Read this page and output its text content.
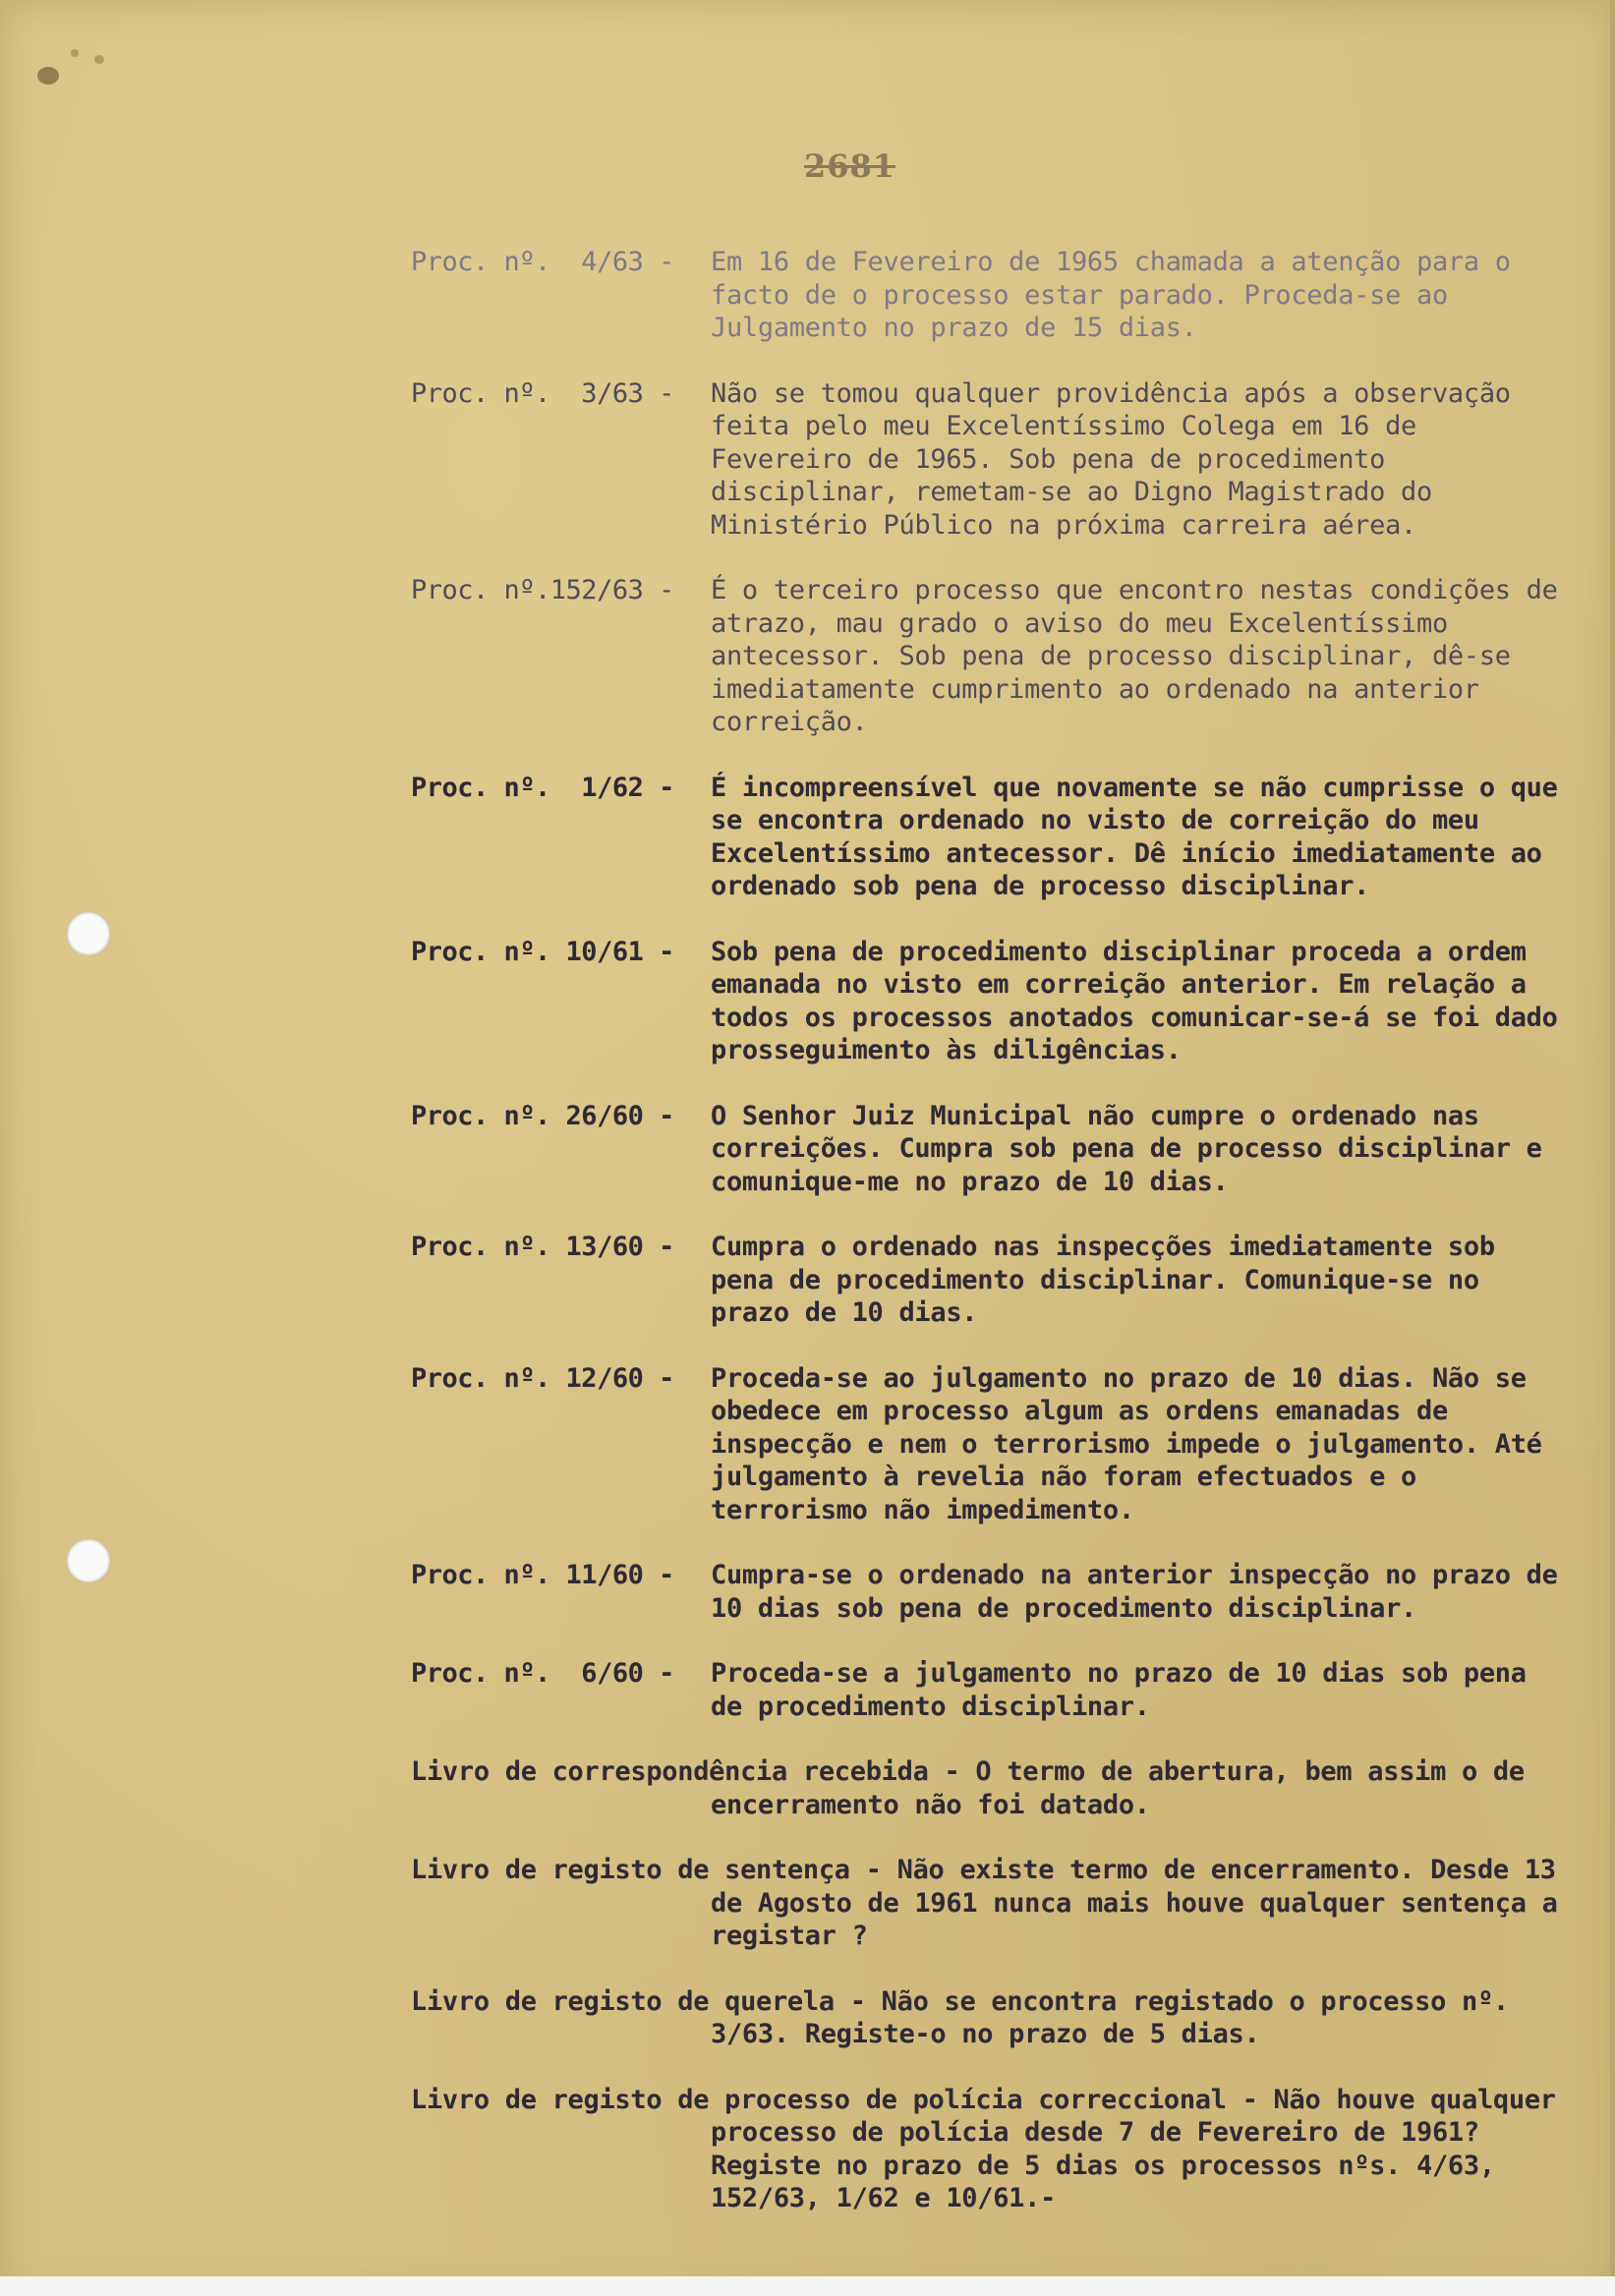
2681
Proc. nº.  4/63 -	Em 16 de Fevereiro de 1965 chamada a atenção para o facto de o processo estar parado. Proceda-se ao Julgamento no prazo de 15 dias.
Proc. nº.  3/63 -	Não se tomou qualquer providência após a observação feita pelo meu Excelentíssimo Colega em 16 de Fevereiro de 1965. Sob pena de procedimento disciplinar, remetam-se ao Digno Magistrado do Ministério Público na próxima carreira aérea.
Proc. nº.152/63 -	É o terceiro processo que encontro nestas condições de atrazo, mau grado o aviso do meu Excelentíssimo antecessor. Sob pena de processo disciplinar, dê-se imediatamente cumprimento ao ordenado na anterior correição.
Proc. nº.  1/62 -	É incompreensível que novamente se não cumprisse o que se encontra ordenado no visto de correição do meu Excelentíssimo antecessor. Dê início imediatamente ao ordenado sob pena de processo disciplinar.
Proc. nº. 10/61 -	Sob pena de procedimento disciplinar proceda a ordem emanada no visto em correição anterior. Em relação a todos os processos anotados comunicar-se-á se foi dado prosseguimento às diligências.
Proc. nº. 26/60 -	O Senhor Juiz Municipal não cumpre o ordenado nas correições. Cumpra sob pena de processo disciplinar e comunique-me no prazo de 10 dias.
Proc. nº. 13/60 -	Cumpra o ordenado nas inspecções imediatamente sob pena de procedimento disciplinar. Comunique-se no prazo de 10 dias.
Proc. nº. 12/60 -	Proceda-se ao julgamento no prazo de 10 dias. Não se obedece em processo algum as ordens emanadas de inspecção e nem o terrorismo impede o julgamento. Até julgamento à revelia não foram efectuados e o terrorismo não impedimento.
Proc. nº. 11/60 -	Cumpra-se o ordenado na anterior inspecção no prazo de 10 dias sob pena de procedimento disciplinar.
Proc. nº.  6/60 -	Proceda-se a julgamento no prazo de 10 dias sob pena de procedimento disciplinar.
Livro de correspondência recebida - O termo de abertura, bem assim o de encerramento não foi datado.
Livro de registo de sentença - Não existe termo de encerramento. Desde 13 de Agosto de 1961 nunca mais houve qualquer sentença a registar ?
Livro de registo de querela - Não se encontra registado o processo nº. 3/63. Registe-o no prazo de 5 dias.
Livro de registo de processo de polícia correccional - Não houve qualquer processo de polícia desde 7 de Fevereiro de 1961? Registe no prazo de 5 dias os processos nºs. 4/63, 152/63, 1/62 e 10/61.-
